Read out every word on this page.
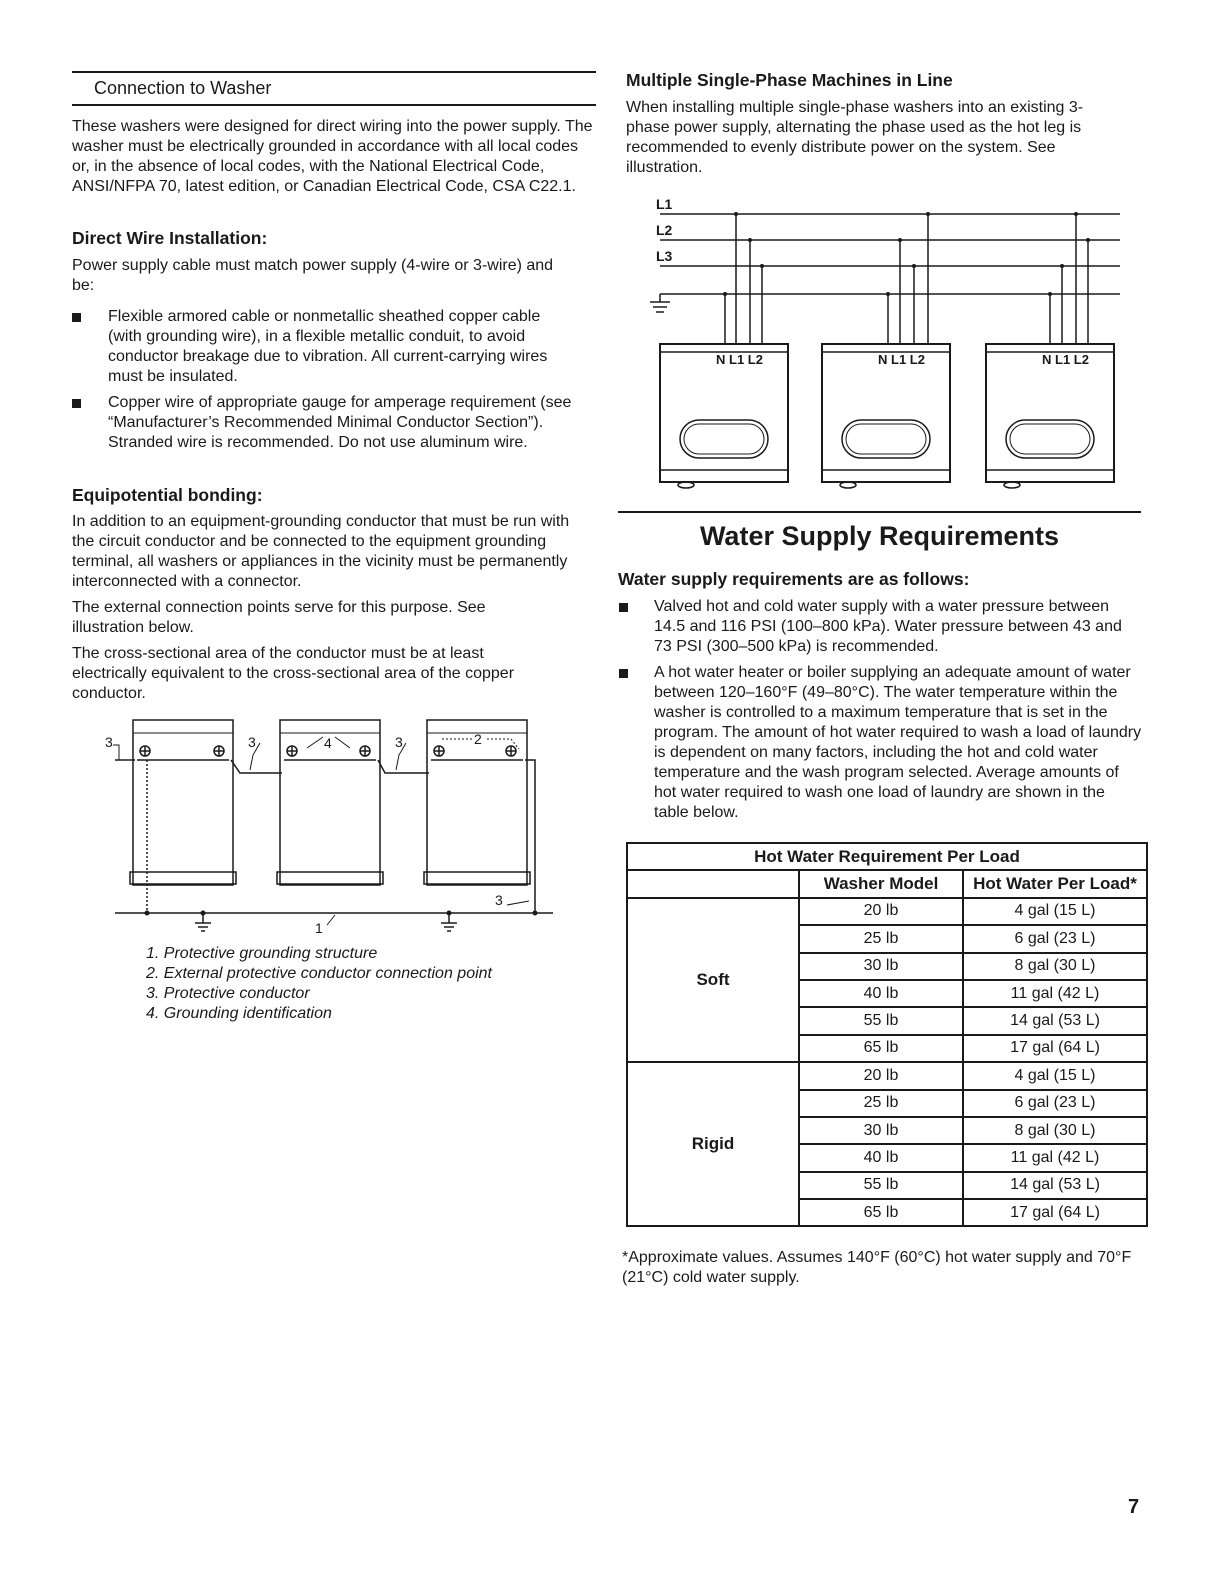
Connection to Washer

These washers were designed for direct wiring into the power supply. The washer must be electrically grounded in accordance with all local codes or, in the absence of local codes, with the National Electrical Code, ANSI/NFPA 70, latest edition, or Canadian Electrical Code, CSA C22.1.

Direct Wire Installation:

Power supply cable must match power supply (4-wire or 3-wire) and be:

Flexible armored cable or nonmetallic sheathed copper cable (with grounding wire), in a flexible metallic conduit, to avoid conductor breakage due to vibration. All current-carrying wires must be insulated.

Copper wire of appropriate gauge for amperage requirement (see “Manufacturer’s Recommended Minimal Conductor Section”). Stranded wire is recommended. Do not use aluminum wire.

Equipotential bonding:

In addition to an equipment-grounding conductor that must be run with the circuit conductor and be connected to the equipment grounding terminal, all washers or appliances in the vicinity must be permanently interconnected with a connector.

The external connection points serve for this purpose. See illustration below.

The cross-sectional area of the conductor must be at least electrically equivalent to the cross-sectional area of the copper conductor.

3	3	3
4	2
3
1
1. Protective grounding structure
2. External protective conductor connection point
3. Protective conductor
4. Grounding identification
Multiple Single-Phase Machines in Line

When installing multiple single-phase washers into an existing 3-phase power supply, alternating the phase used as the hot leg is recommended to evenly distribute power on the system. See illustration.

L1
L2
L3
N L1 L2	N L1 L2	N L1 L2
Water Supply Requirements
Water supply requirements are as follows:

Valved hot and cold water supply with a water pressure between 14.5 and 116 PSI (100–800 kPa). Water pressure between 43 and 73 PSI (300–500 kPa) is recommended.

A hot water heater or boiler supplying an adequate amount of water between 120–160°F (49–80°C). The water temperature within the washer is controlled to a maximum temperature that is set in the program. The amount of hot water required to wash a load of laundry is dependent on many factors, including the hot and cold water temperature and the wash program selected. Average amounts of hot water required to wash one load of laundry are shown in the table below.

Hot Water Requirement Per Load		
	Washer Model	Hot Water Per Load*
Soft	20 lb	4 gal (15 L)
	25 lb	6 gal (23 L)
	30 lb	8 gal (30 L)
	40 lb	11 gal (42 L)
	55 lb	14 gal (53 L)
	65 lb	17 gal (64 L)
Rigid	20 lb	4 gal (15 L)
	25 lb	6 gal (23 L)
	30 lb	8 gal (30 L)
	40 lb	11 gal (42 L)
	55 lb	14 gal (53 L)
	65 lb	17 gal (64 L)

*Approximate values. Assumes 140°F (60°C) hot water supply and 70°F (21°C) cold water supply.

7
